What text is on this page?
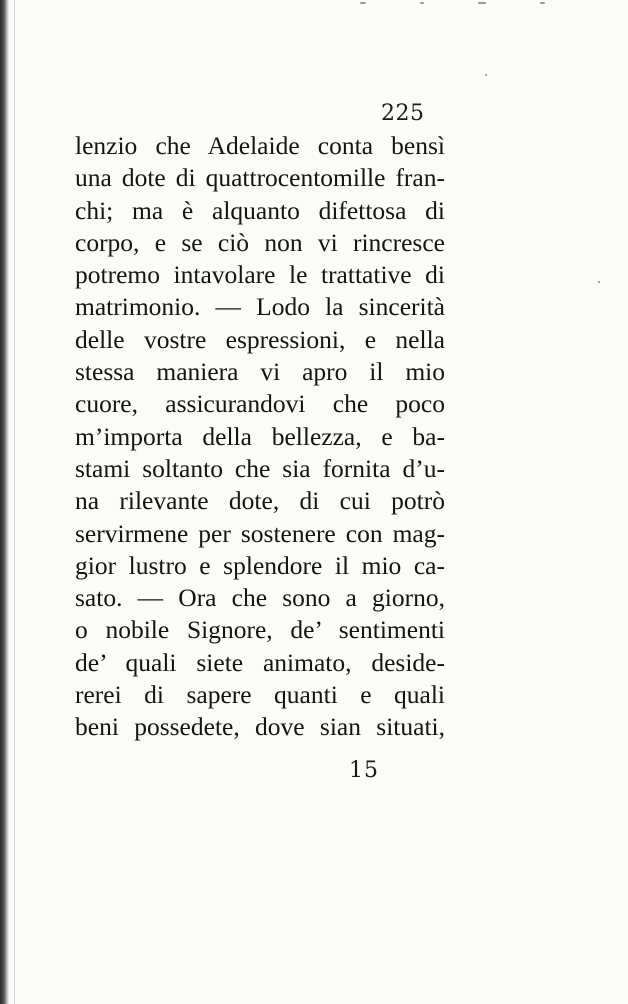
225
lenzio che Adelaide conta bensì
una dote di quattrocentomille fran-
chi; ma è alquanto difettosa di
corpo, e se ciò non vi rincresce
potremo intavolare le trattative di
matrimonio. — Lodo la sincerità
delle vostre espressioni, e nella
stessa maniera vi apro il mio
cuore, assicurandovi che poco
m’importa della bellezza, e ba-
stami soltanto che sia fornita d’u-
na rilevante dote, di cui potrò
servirmene per sostenere con mag-
gior lustro e splendore il mio ca-
sato. — Ora che sono a giorno,
o nobile Signore, de’ sentimenti
de’ quali siete animato, deside-
rerei di sapere quanti e quali
beni possedete, dove sian situati,
15
